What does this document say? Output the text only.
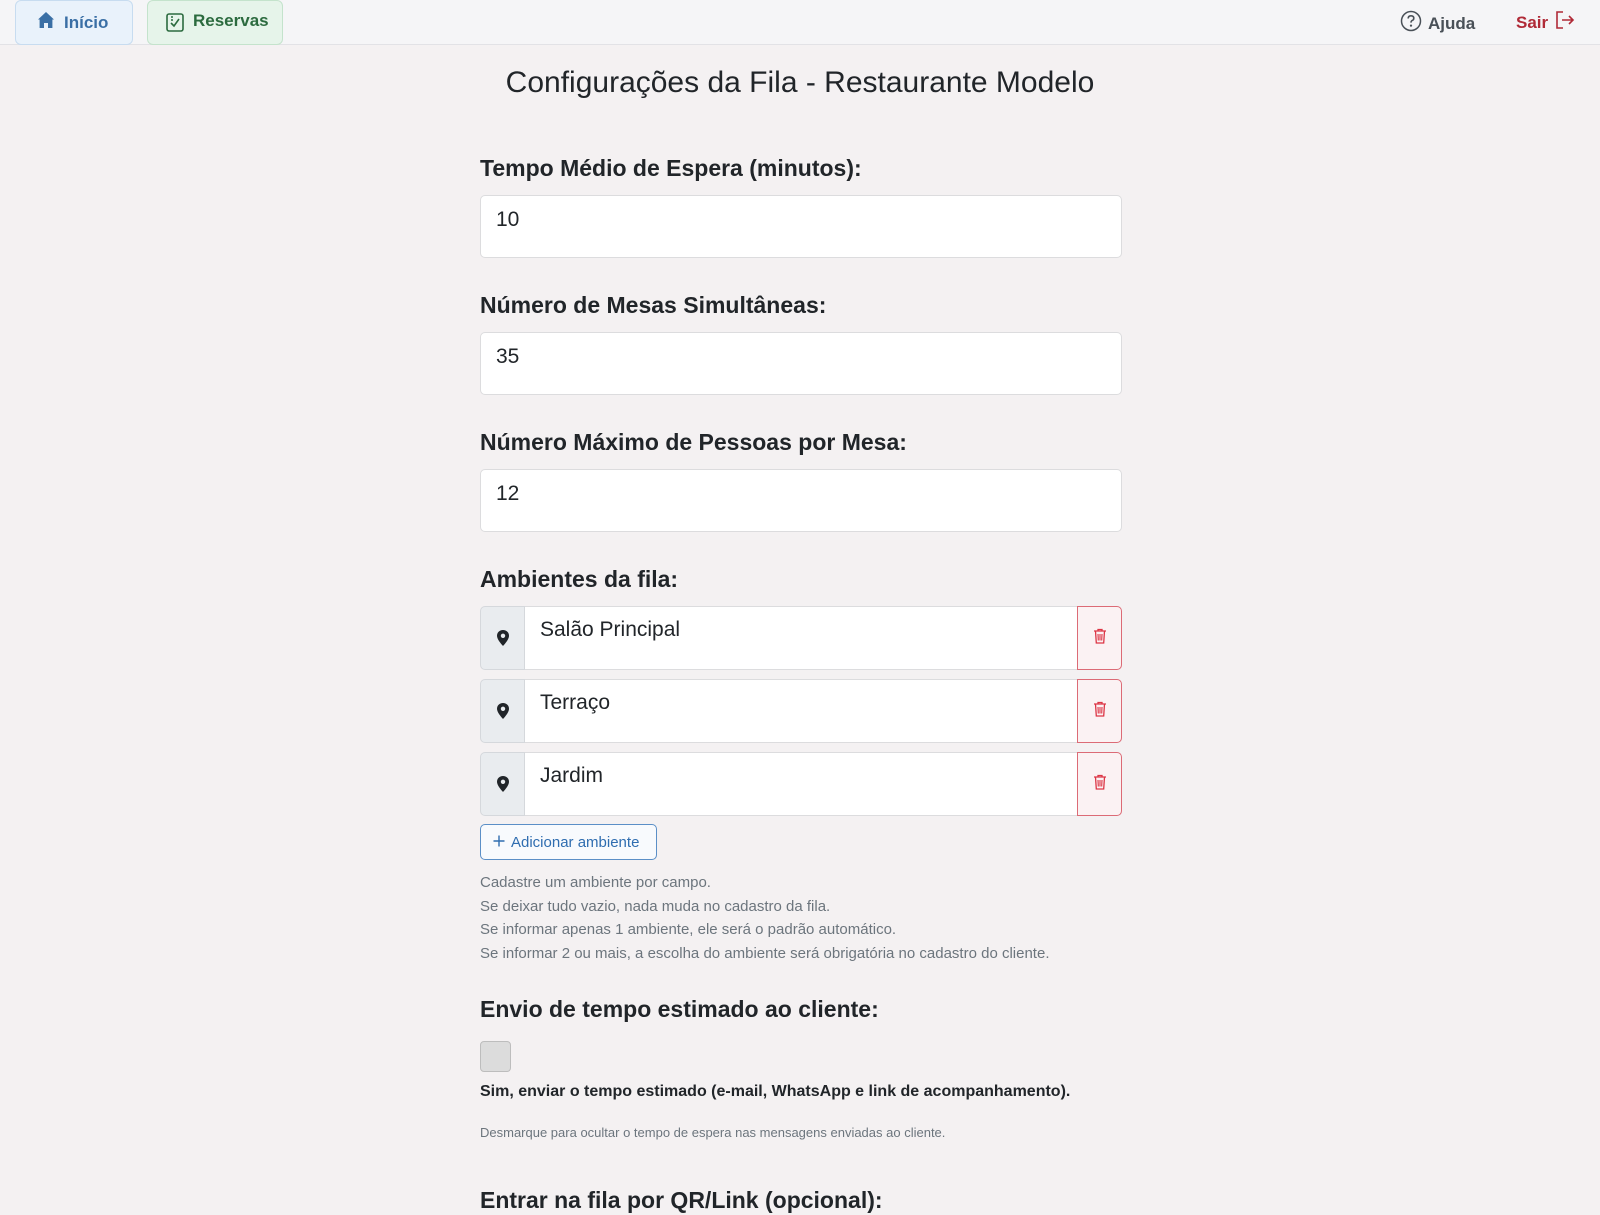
Início	Reservas	Ajuda Sair
Configurações da Fila - Restaurante Modelo
Tempo Médio de Espera (minutos):
10
Número de Mesas Simultâneas:
35
Número Máximo de Pessoas por Mesa:
12
Ambientes da fila:
Salão Principal
Terraço
Jardim
Adicionar ambiente
Cadastre um ambiente por campo.
Se deixar tudo vazio, nada muda no cadastro da fila.
Se informar apenas 1 ambiente, ele será o padrão automático.
Se informar 2 ou mais, a escolha do ambiente será obrigatória no cadastro do cliente.
Envio de tempo estimado ao cliente:
Sim, enviar o tempo estimado (e-mail, WhatsApp e link de acompanhamento).
Desmarque para ocultar o tempo de espera nas mensagens enviadas ao cliente.
Entrar na fila por QR/Link (opcional):
